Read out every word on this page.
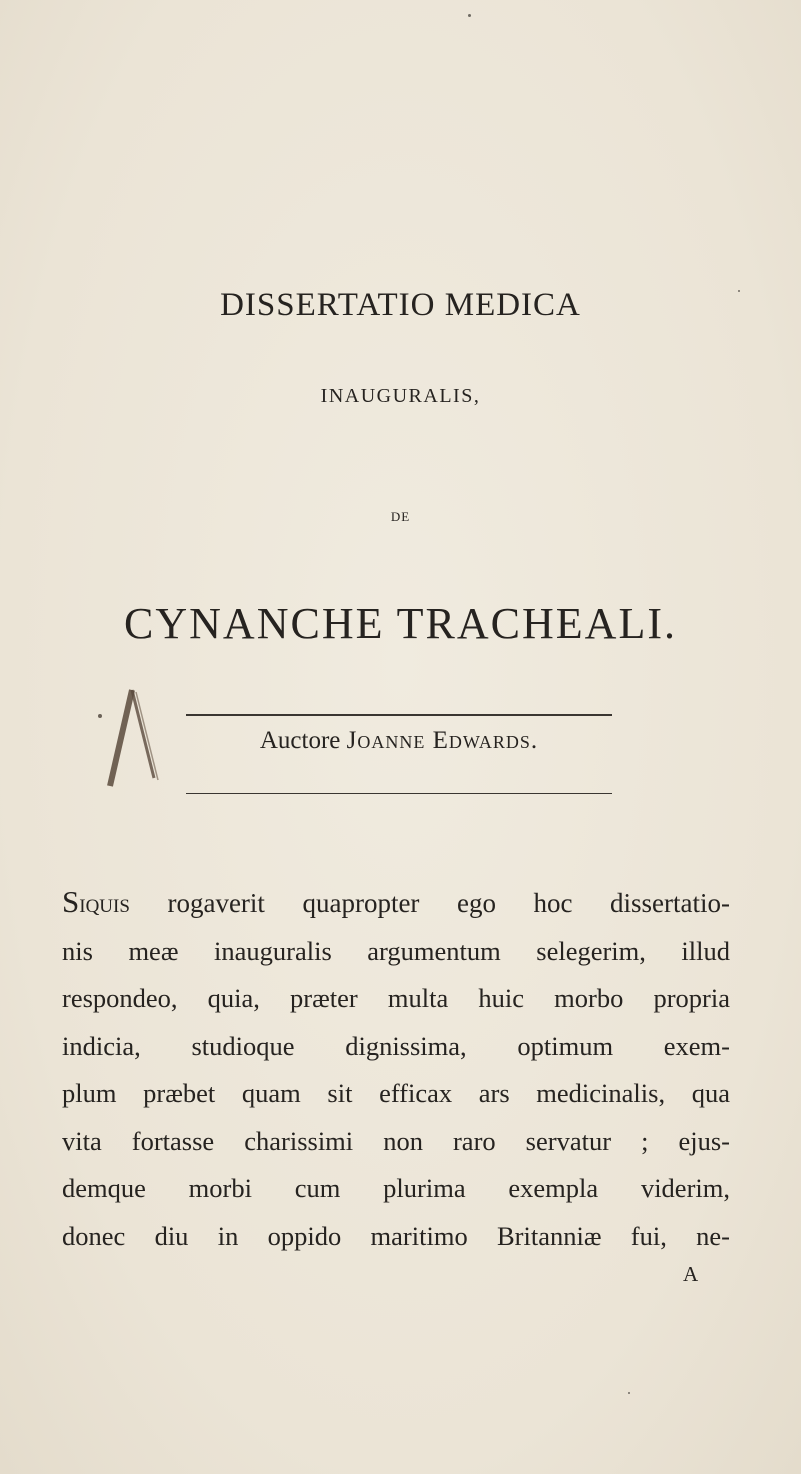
DISSERTATIO MEDICA
INAUGURALIS,
DE
CYNANCHE TRACHEALI.
Auctore Joanne Edwards.
Siquis rogaverit quapropter ego hoc dissertatio-
nis meæ inauguralis argumentum selegerim, illud
respondeo, quia, præter multa huic morbo propria
indicia, studioque dignissima, optimum exem-
plum præbet quam sit efficax ars medicinalis, qua
vita fortasse charissimi non raro servatur ; ejus-
demque morbi cum plurima exempla viderim,
donec diu in oppido maritimo Britanniæ fui, ne-
A
